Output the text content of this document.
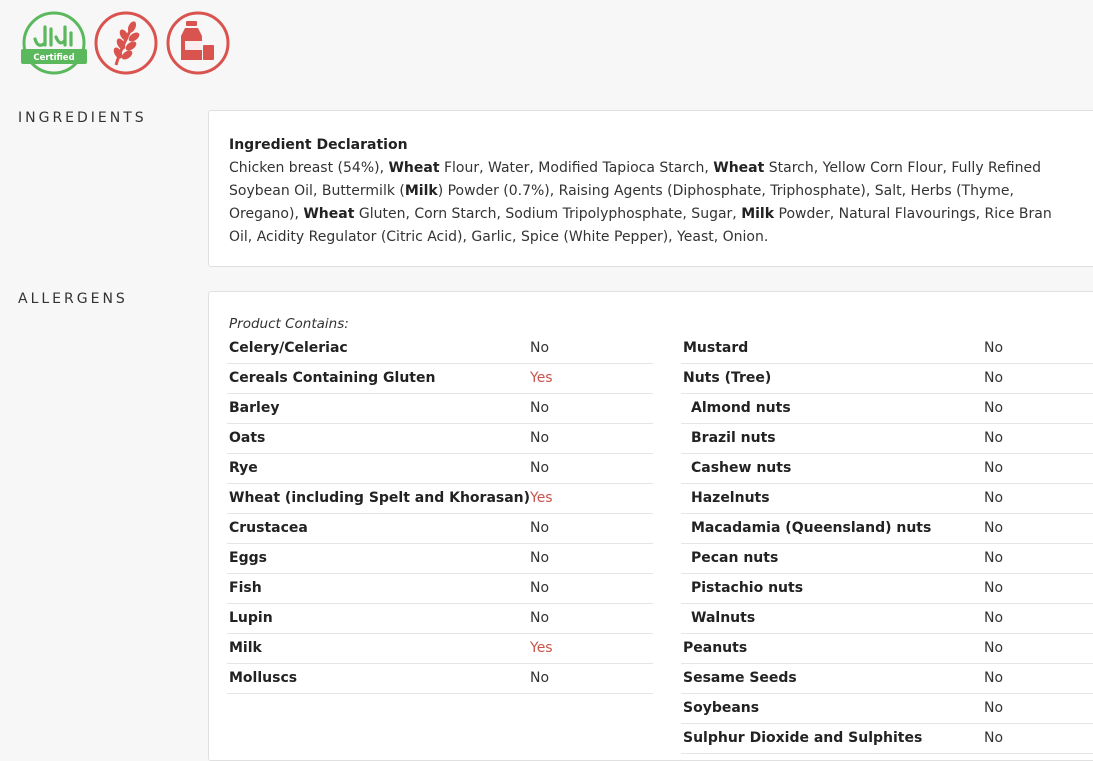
Certified
INGREDIENTS
Ingredient Declaration
Chicken breast (54%), Wheat Flour, Water, Modified Tapioca Starch, Wheat Starch, Yellow Corn Flour, Fully Refined Soybean Oil, Buttermilk (Milk) Powder (0.7%), Raising Agents (Diphosphate, Triphosphate), Salt, Herbs (Thyme, Oregano), Wheat Gluten, Corn Starch, Sodium Tripolyphosphate, Sugar, Milk Powder, Natural Flavourings, Rice Bran Oil, Acidity Regulator (Citric Acid), Garlic, Spice (White Pepper), Yeast, Onion.
ALLERGENS
Product Contains:
Celery/Celeriac	No
Cereals Containing Gluten	Yes
Barley	No
Oats	No
Rye	No
Wheat (including Spelt and Khorasan) Yes
Crustacea	No
Eggs	No
Fish	No
Lupin	No
Milk	Yes
Molluscs	No
Mustard	No
Nuts (Tree)	No
Almond nuts	No
Brazil nuts	No
Cashew nuts	No
Hazelnuts	No
Macadamia (Queensland) nuts	No
Pecan nuts	No
Pistachio nuts	No
Walnuts	No
Peanuts	No
Sesame Seeds	No
Soybeans	No
Sulphur Dioxide and Sulphites	No
